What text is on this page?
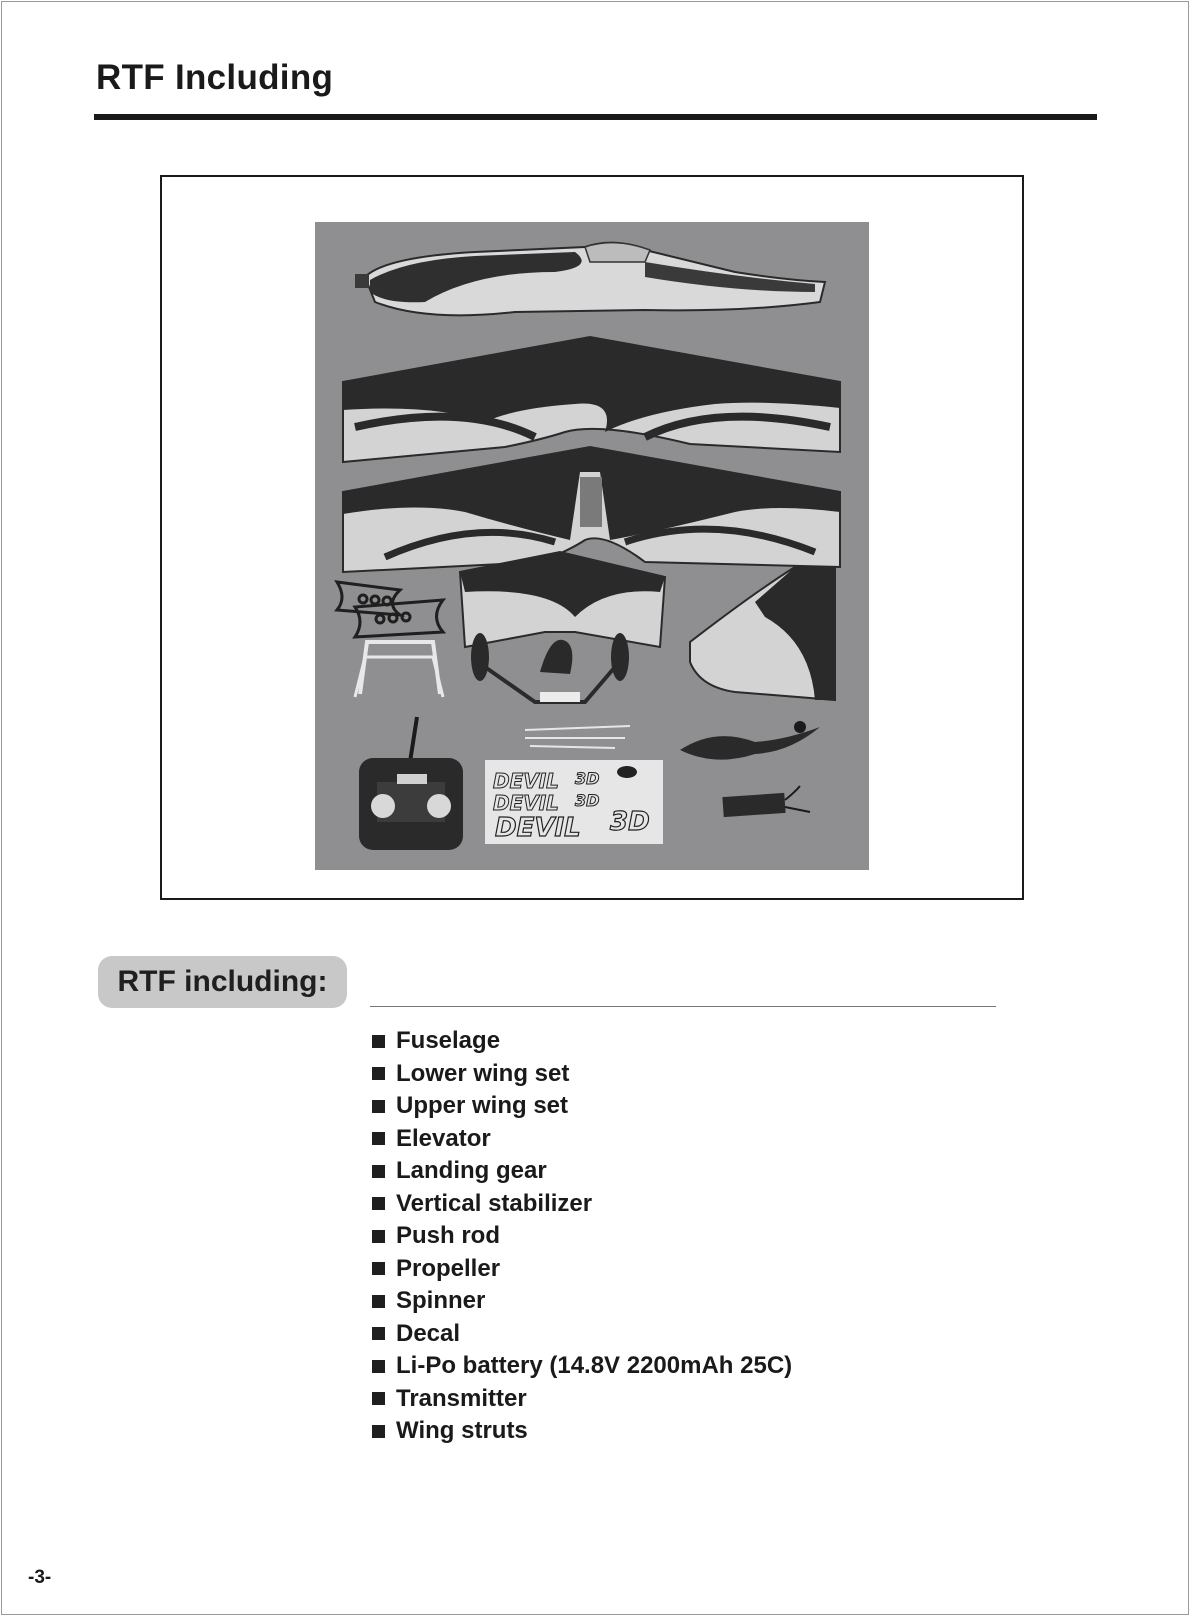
RTF Including
DEVIL 3D
DEVIL 3D
DEVIL 3D
RTF including:
Fuselage
Lower wing set
Upper wing set
Elevator
Landing gear
Vertical stabilizer
Push rod
Propeller
Spinner
Decal
Li-Po battery (14.8V 2200mAh 25C)
Transmitter
Wing struts
-3-
